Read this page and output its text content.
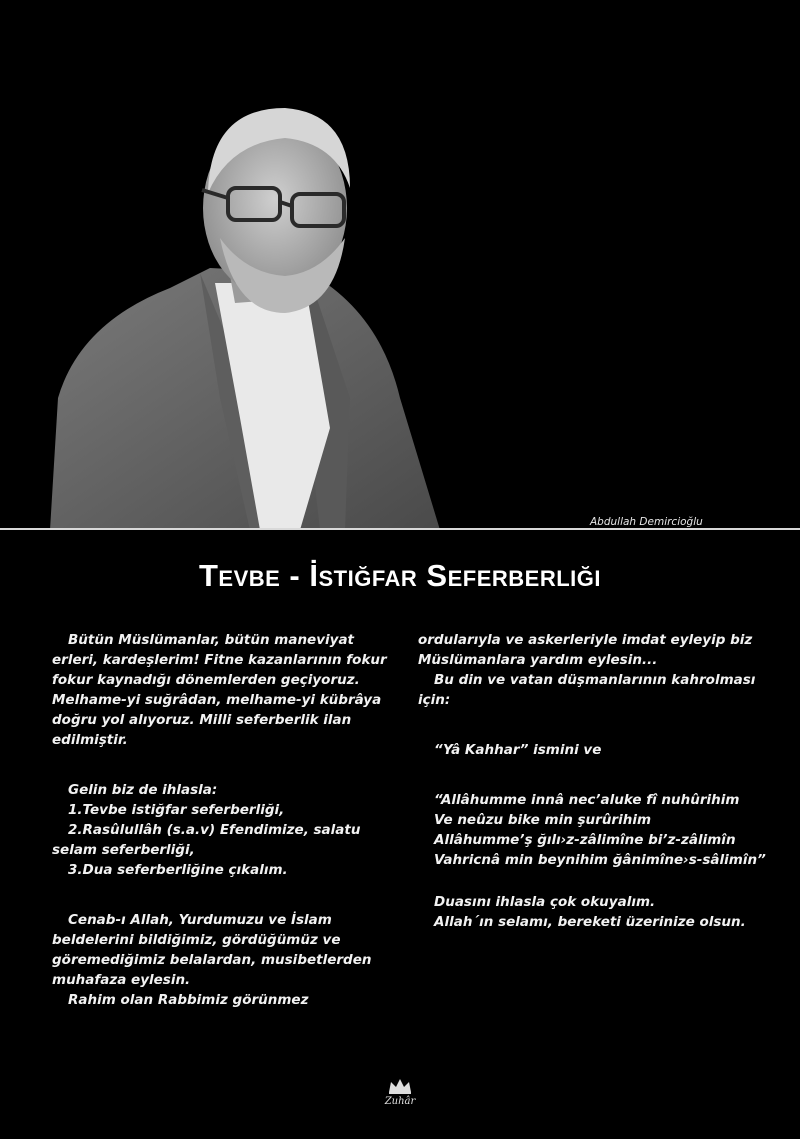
Abdullah Demircioğlu
Tevbe - İstiğfar Seferberliği

Bütün Müslümanlar, bütün maneviyat erleri, kardeşlerim! Fitne kazanlarının fokur fokur kaynadığı dönemlerden geçiyoruz. Melhame-yi suğrâdan, melhame-yi kübrâya doğru yol alıyoruz. Milli seferberlik ilan edilmiştir.

Gelin biz de ihlasla:

1.Tevbe istiğfar seferberliği,

2.Rasûlullâh (s.a.v) Efendimize, salatu selam seferberliği,

3.Dua seferberliğine çıkalım.

Cenab-ı Allah, Yurdumuzu ve İslam beldelerini bildiğimiz, gördüğümüz ve göremediğimiz belalardan, musibetlerden muhafaza eylesin.

Rahim olan Rabbimiz görünmez

ordularıyla ve askerleriyle imdat eyleyip biz Müslümanlara yardım eylesin...

Bu din ve vatan düşmanlarının kahrolması için:

“Yâ Kahhar” ismini ve

“Allâhumme innâ nec’aluke fî nuhûrihim

Ve neûzu bike min şurûrihim

Allâhumme’ş ğılı›z-zâlimîne bi’z-zâlimîn

Vahricnâ min beynihim ğânimîne›s-sâlimîn”

Duasını ihlasla çok okuyalım.

Allah´ın selamı, bereketi üzerinize olsun.

Zuhâr
